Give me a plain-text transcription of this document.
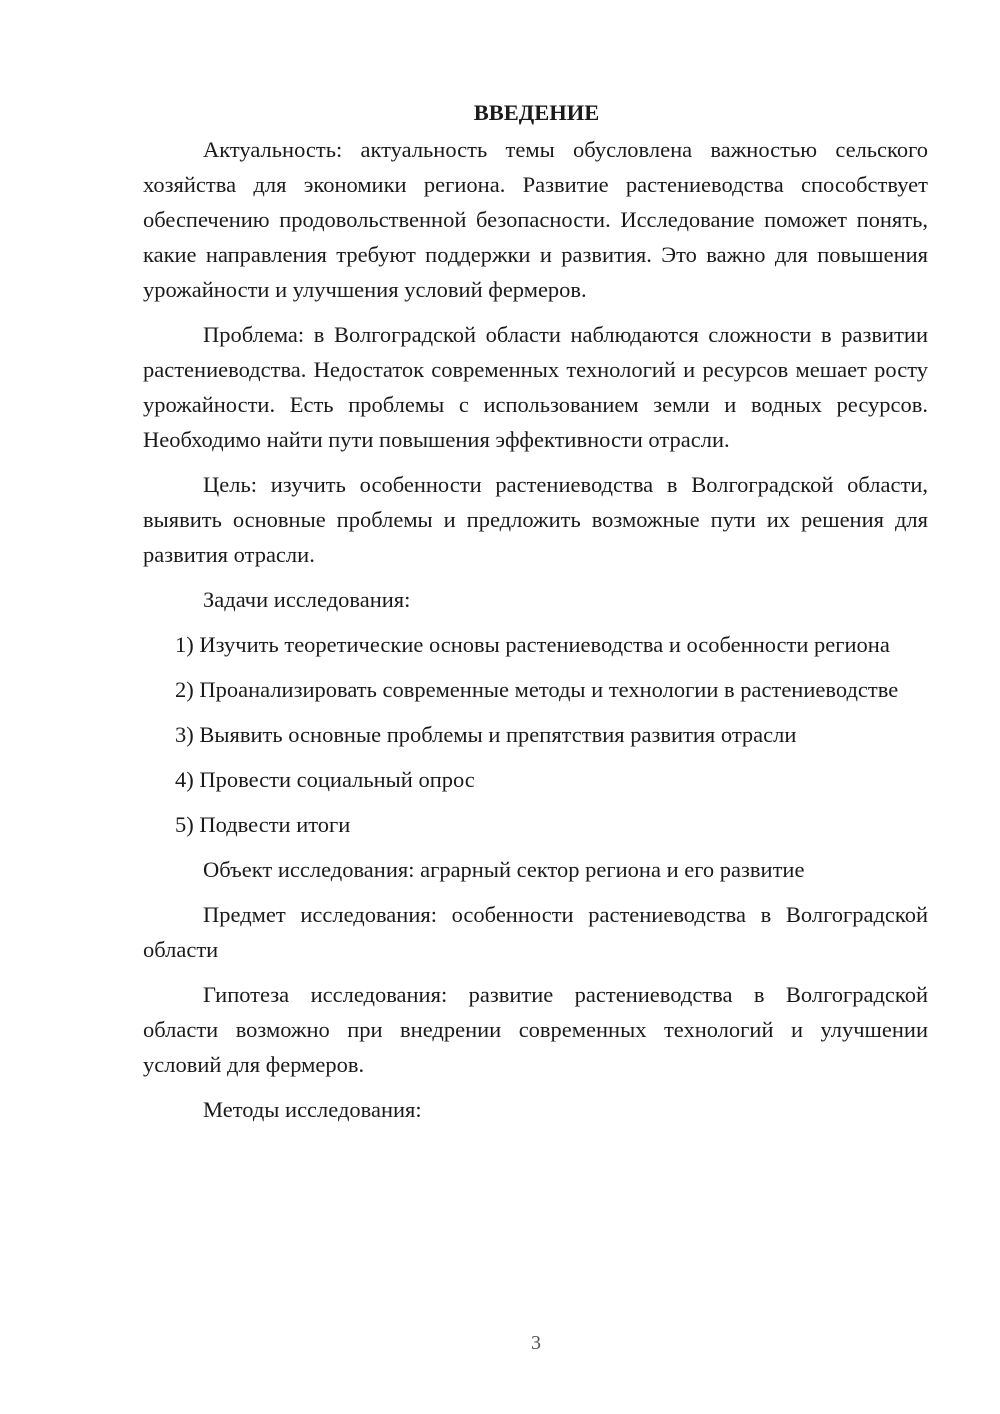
ВВЕДЕНИЕ

Актуальность: актуальность темы обусловлена важностью сельского хозяйства для экономики региона. Развитие растениеводства способствует обеспечению продовольственной безопасности. Исследование поможет понять, какие направления требуют поддержки и развития. Это важно для повышения урожайности и улучшения условий фермеров.

Проблема: в Волгоградской области наблюдаются сложности в развитии растениеводства. Недостаток современных технологий и ресурсов мешает росту урожайности. Есть проблемы с использованием земли и водных ресурсов. Необходимо найти пути повышения эффективности отрасли.

Цель: изучить особенности растениеводства в Волгоградской области, выявить основные проблемы и предложить возможные пути их решения для развития отрасли.

Задачи исследования:

1) Изучить теоретические основы растениеводства и особенности региона

2) Проанализировать современные методы и технологии в растениеводстве

3) Выявить основные проблемы и препятствия развития отрасли

4) Провести социальный опрос

5) Подвести итоги

Объект исследования: аграрный сектор региона и его развитие

Предмет исследования: особенности растениеводства в Волгоградской области

Гипотеза исследования: развитие растениеводства в Волгоградской области возможно при внедрении современных технологий и улучшении условий для фермеров.

Методы исследования:

3
